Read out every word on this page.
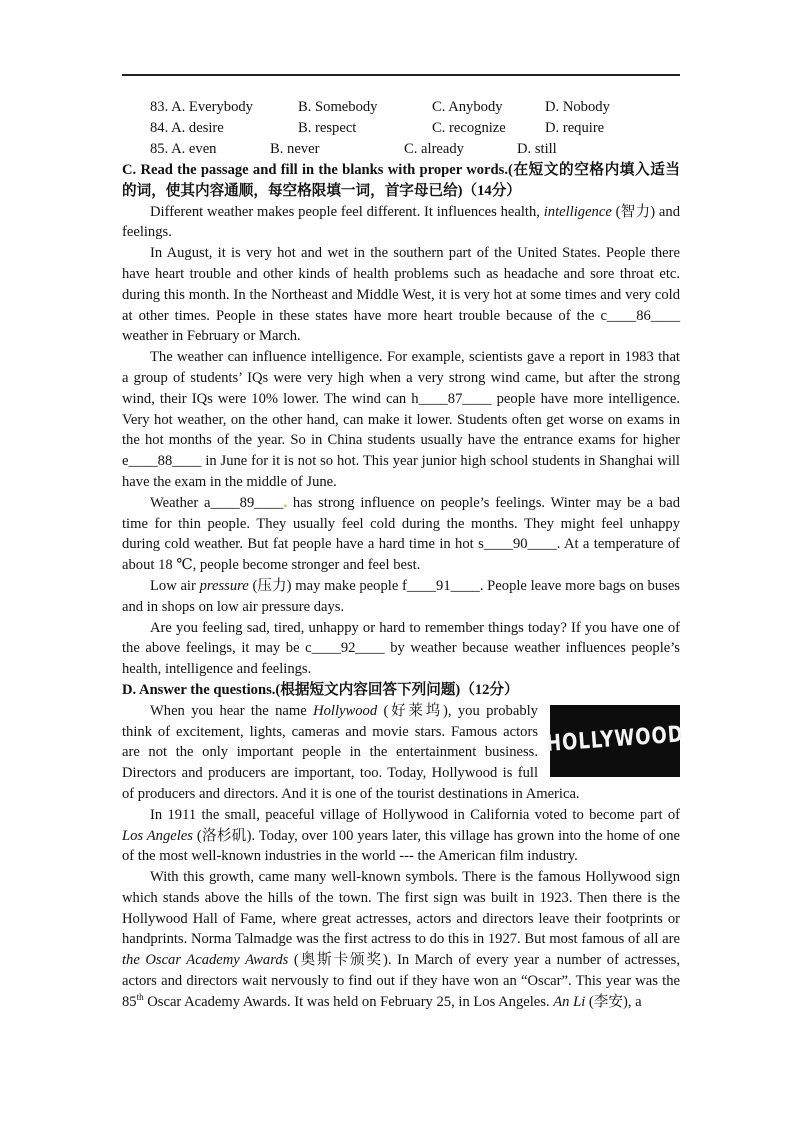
83. A. Everybody	B. Somebody	C. Anybody	D. Nobody
84. A. desire	B. respect	C. recognize	D. require
85. A. even	B. never	C. already	D. still

C. Read the passage and fill in the blanks with proper words.(在短文的空格内填入适当的词，使其内容通顺，每空格限填一词，首字母已给)（14分）

Different weather makes people feel different. It influences health, intelligence (智力) and feelings.

In August, it is very hot and wet in the southern part of the United States. People there have heart trouble and other kinds of health problems such as headache and sore throat etc. during this month. In the Northeast and Middle West, it is very hot at some times and very cold at other times. People in these states have more heart trouble because of the c____86____ weather in February or March.

The weather can influence intelligence. For example, scientists gave a report in 1983 that a group of students’ IQs were very high when a very strong wind came, but after the strong wind, their IQs were 10% lower. The wind can h____87____ people have more intelligence. Very hot weather, on the other hand, can make it lower. Students often get worse on exams in the hot months of the year. So in China students usually have the entrance exams for higher e____88____ in June for it is not so hot. This year junior high school students in Shanghai will have the exam in the middle of June.

Weather a____89____. has strong influence on people’s feelings. Winter may be a bad time for thin people. They usually feel cold during the months. They might feel unhappy during cold weather. But fat people have a hard time in hot s____90____. At a temperature of about 18 ℃, people become stronger and feel best.

Low air pressure (压力) may make people f____91____. People leave more bags on buses and in shops on low air pressure days.

Are you feeling sad, tired, unhappy or hard to remember things today? If you have one of the above feelings, it may be c____92____ by weather because weather influences people’s health, intelligence and feelings.

D. Answer the questions.(根据短文内容回答下列问题)（12分）

HOLLYWOOD

When you hear the name Hollywood (好莱坞), you probably think of excitement, lights, cameras and movie stars. Famous actors are not the only important people in the entertainment business. Directors and producers are important, too. Today, Hollywood is full of producers and directors. And it is one of the tourist destinations in America.

In 1911 the small, peaceful village of Hollywood in California voted to become part of Los Angeles (洛杉矶). Today, over 100 years later, this village has grown into the home of one of the most well-known industries in the world --- the American film industry.

With this growth, came many well-known symbols. There is the famous Hollywood sign which stands above the hills of the town. The first sign was built in 1923. Then there is the Hollywood Hall of Fame, where great actresses, actors and directors leave their footprints or handprints. Norma Talmadge was the first actress to do this in 1927. But most famous of all are the Oscar Academy Awards (奥斯卡颁奖). In March of every year a number of actresses, actors and directors wait nervously to find out if they have won an “Oscar”. This year was the 85th Oscar Academy Awards. It was held on February 25, in Los Angeles. An Li (李安), a
